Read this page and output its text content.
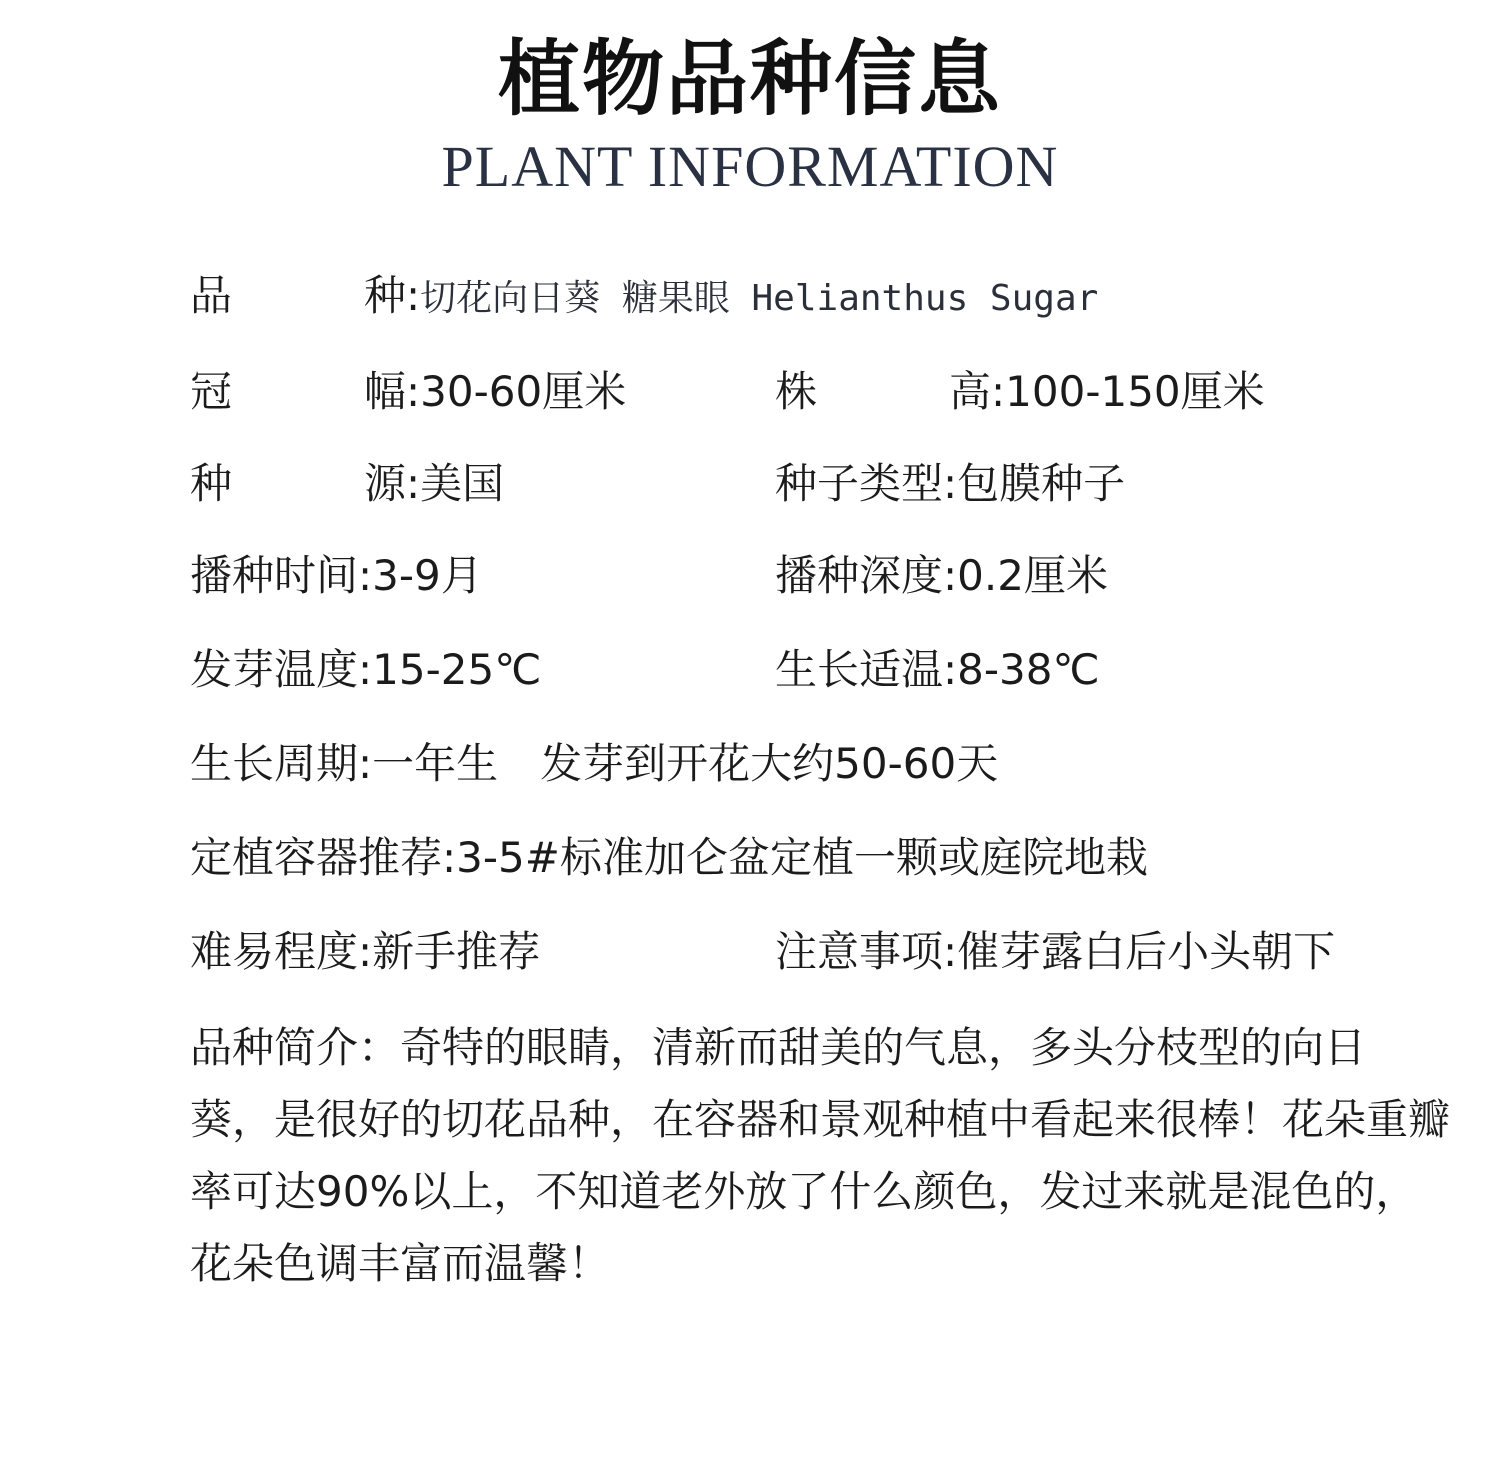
植物品种信息
PLANT INFORMATION
品　　种:切花向日葵 糖果眼 Helianthus Sugar
冠　　幅:30-60厘米	株　　高:100-150厘米
种　　源:美国	种子类型:包膜种子
播种时间:3-9月	播种深度:0.2厘米
发芽温度:15-25℃	生长适温:8-38℃
生长周期:一年生　发芽到开花大约50-60天
定植容器推荐:3-5#标准加仑盆定植一颗或庭院地栽
难易程度:新手推荐	注意事项:催芽露白后小头朝下
品种简介：奇特的眼睛，清新而甜美的气息，多头分枝型的向日葵，是很好的切花品种，在容器和景观种植中看起来很棒！花朵重瓣率可达90%以上，不知道老外放了什么颜色，发过来就是混色的，花朵色调丰富而温馨！
